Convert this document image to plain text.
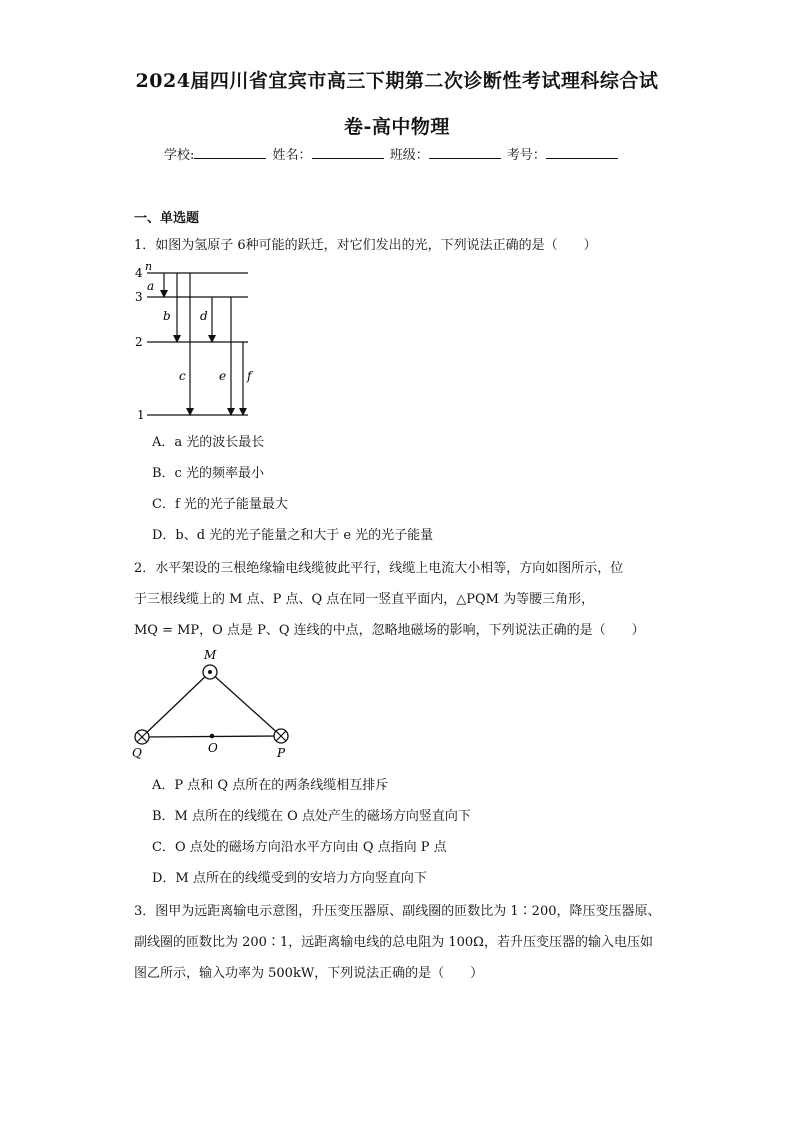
2024届四川省宜宾市高三下期第二次诊断性考试理科综合试
卷-高中物理
学校:	姓名：	班级：	考号：
一、单选题
1．如图为氢原子 6种可能的跃迁，对它们发出的光，下列说法正确的是（　　）
4
3
2
1
n
a
b d
c	e f
A．a 光的波长最长
B．c 光的频率最小
C．f 光的光子能量最大
D．b、d 光的光子能量之和大于 e 光的光子能量
2．水平架设的三根绝缘输电线缆彼此平行，线缆上电流大小相等，方向如图所示，位
于三根线缆上的 M 点、P 点、Q 点在同一竖直平面内，△PQM 为等腰三角形，
MQ = MP，O 点是 P、Q 连线的中点，忽略地磁场的影响，下列说法正确的是（　　）
M
Q	O	P
A．P 点和 Q 点所在的两条线缆相互排斥
B．M 点所在的线缆在 O 点处产生的磁场方向竖直向下
C．O 点处的磁场方向沿水平方向由 Q 点指向 P 点
D．M 点所在的线缆受到的安培力方向竖直向下
3．图甲为远距离输电示意图，升压变压器原、副线圈的匝数比为 1∶200，降压变压器原、
副线圈的匝数比为 200∶1，远距离输电线的总电阻为 100Ω，若升压变压器的输入电压如
图乙所示，输入功率为 500kW，下列说法正确的是（　　）
